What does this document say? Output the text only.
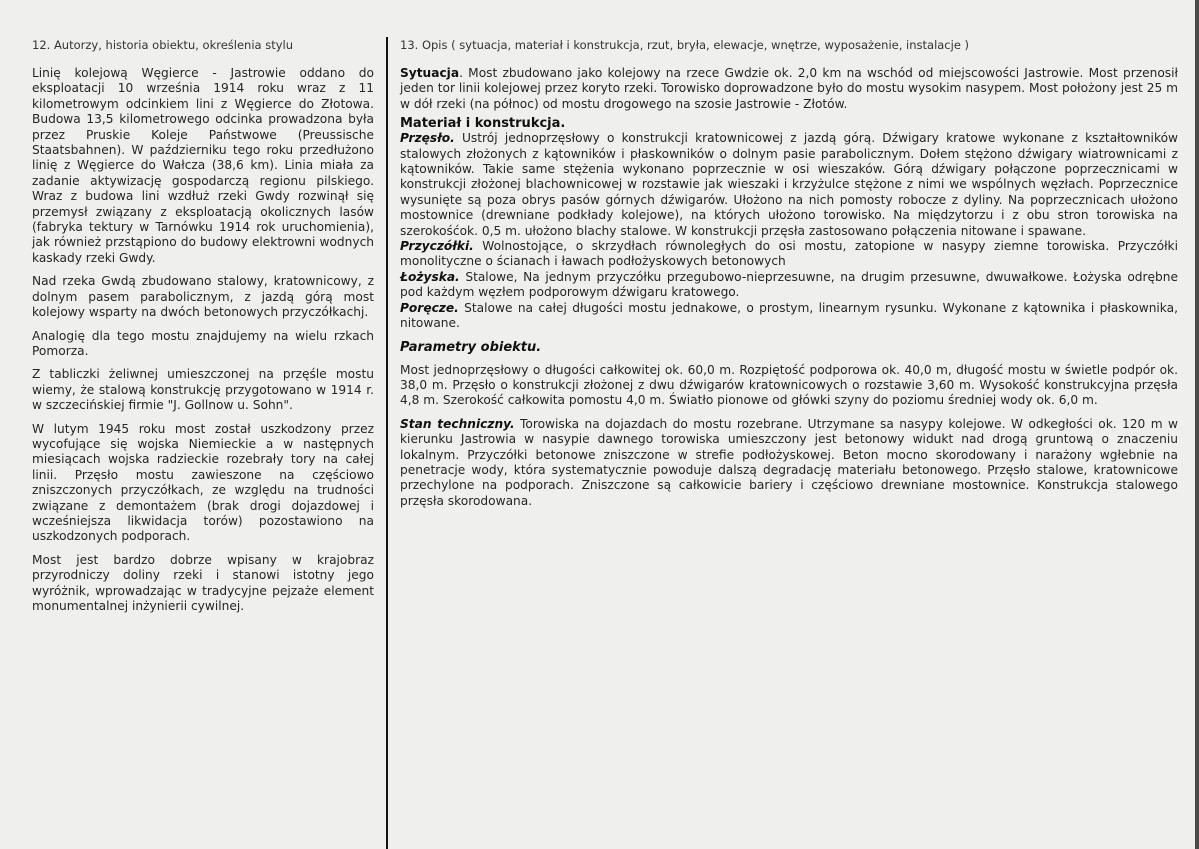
12. Autorzy, historia obiektu, określenia stylu

Linię kolejową Węgierce - Jastrowie oddano do eksploatacji 10 września 1914 roku wraz z 11 kilometrowym odcinkiem lini z Węgierce do Złotowa. Budowa 13,5 kilometrowego odcinka prowadzona była przez Pruskie Koleje Państwowe (Preussische Staatsbahnen). W październiku tego roku przedłużono linię z Węgierce do Wałcza (38,6 km). Linia miała za zadanie aktywizację gospodarczą regionu pilskiego. Wraz z budowa lini wzdłuż rzeki Gwdy rozwinął się przemysł związany z eksploatacją okolicznych lasów (fabryka tektury w Tarnówku 1914 rok uruchomienia), jak również przstąpiono do budowy elektrowni wodnych kaskady rzeki Gwdy.

Nad rzeka Gwdą zbudowano stalowy, kratownicowy, z dolnym pasem parabolicznym, z jazdą górą most kolejowy wsparty na dwóch betonowych przyczółkachj.

Analogię dla tego mostu znajdujemy na wielu rzkach Pomorza.

Z tabliczki żeliwnej umieszczonej na przęśle mostu wiemy, że stalową konstrukcję przygotowano w 1914 r. w szczecińskiej firmie "J. Gollnow u. Sohn".

W lutym 1945 roku most został uszkodzony przez wycofujące się wojska Niemieckie a w następnych miesiącach wojska radzieckie rozebrały tory na całej linii. Przęsło mostu zawieszone na częściowo zniszczonych przyczółkach, ze względu na trudności związane z demontażem (brak drogi dojazdowej i wcześniejsza likwidacja torów) pozostawiono na uszkodzonych podporach.

Most jest bardzo dobrze wpisany w krajobraz przyrodniczy doliny rzeki i stanowi istotny jego wyróżnik, wprowadzając w tradycyjne pejzaże element monumentalnej inżynierii cywilnej.

13. Opis ( sytuacja, materiał i konstrukcja, rzut, bryła, elewacje, wnętrze, wyposażenie, instalacje )

Sytuacja. Most zbudowano jako kolejowy na rzece Gwdzie ok. 2,0 km na wschód od miejscowości Jastrowie. Most przenosił jeden tor linii kolejowej przez koryto rzeki. Torowisko doprowadzone było do mostu wysokim nasypem. Most położony jest 25 m w dół rzeki (na północ) od mostu drogowego na szosie Jastrowie - Złotów.

Materiał i konstrukcja.

Przęsło. Ustrój jednoprzęsłowy o konstrukcji kratownicowej z jazdą górą. Dźwigary kratowe wykonane z kształtowników stalowych złożonych z kątowników i płaskowników o dolnym pasie parabolicznym. Dołem stężono dźwigary wiatrownicami z kątowników. Takie same stężenia wykonano poprzecznie w osi wieszaków. Górą dźwigary połączone poprzecznicami w konstrukcji złożonej blachownicowej w rozstawie jak wieszaki i krzyżulce stężone z nimi we wspólnych węzłach. Poprzecznice wysunięte są poza obrys pasów górnych dźwigarów. Ułożono na nich pomosty robocze z dyliny. Na poprzecznicach ułożono mostownice (drewniane podkłady kolejowe), na których ułożono torowisko. Na międzytorzu i z obu stron torowiska na szerokośćok. 0,5 m. ułożono blachy stalowe. W konstrukcji przęsła zastosowano połączenia nitowane i spawane.

Przyczółki. Wolnostojące, o skrzydłach równoległych do osi mostu, zatopione w nasypy ziemne torowiska. Przyczółki monolityczne o ścianach i ławach podłożyskowych betonowych

Łożyska. Stalowe, Na jednym przyczółku przegubowo-nieprzesuwne, na drugim przesuwne, dwuwałkowe. Łożyska odrębne pod każdym węzłem podporowym dźwigaru kratowego.

Poręcze. Stalowe na całej długości mostu jednakowe, o prostym, linearnym rysunku. Wykonane z kątownika i płaskownika, nitowane.

Parametry obiektu.

Most jednoprzęsłowy o długości całkowitej ok. 60,0 m. Rozpiętość podporowa ok. 40,0 m, długość mostu w świetle podpór ok. 38,0 m. Przęsło o konstrukcji złożonej z dwu dźwigarów kratownicowych o rozstawie 3,60 m. Wysokość konstrukcyjna przęsła 4,8 m. Szerokość całkowita pomostu 4,0 m. Światło pionowe od główki szyny do poziomu średniej wody ok. 6,0 m.

Stan techniczny. Torowiska na dojazdach do mostu rozebrane. Utrzymane sa nasypy kolejowe. W odkegłości ok. 120 m w kierunku Jastrowia w nasypie dawnego torowiska umieszczony jest betonowy widukt nad drogą gruntową o znaczeniu lokalnym. Przyczółki betonowe zniszczone w strefie podłożyskowej. Beton mocno skorodowany i narażony wgłebnie na penetracje wody, która systematycznie powoduje dalszą degradację materiału betonowego. Przęsło stalowe, kratownicowe przechylone na podporach. Zniszczone są całkowicie bariery i częściowo drewniane mostownice. Konstrukcja stalowego przęsła skorodowana.
